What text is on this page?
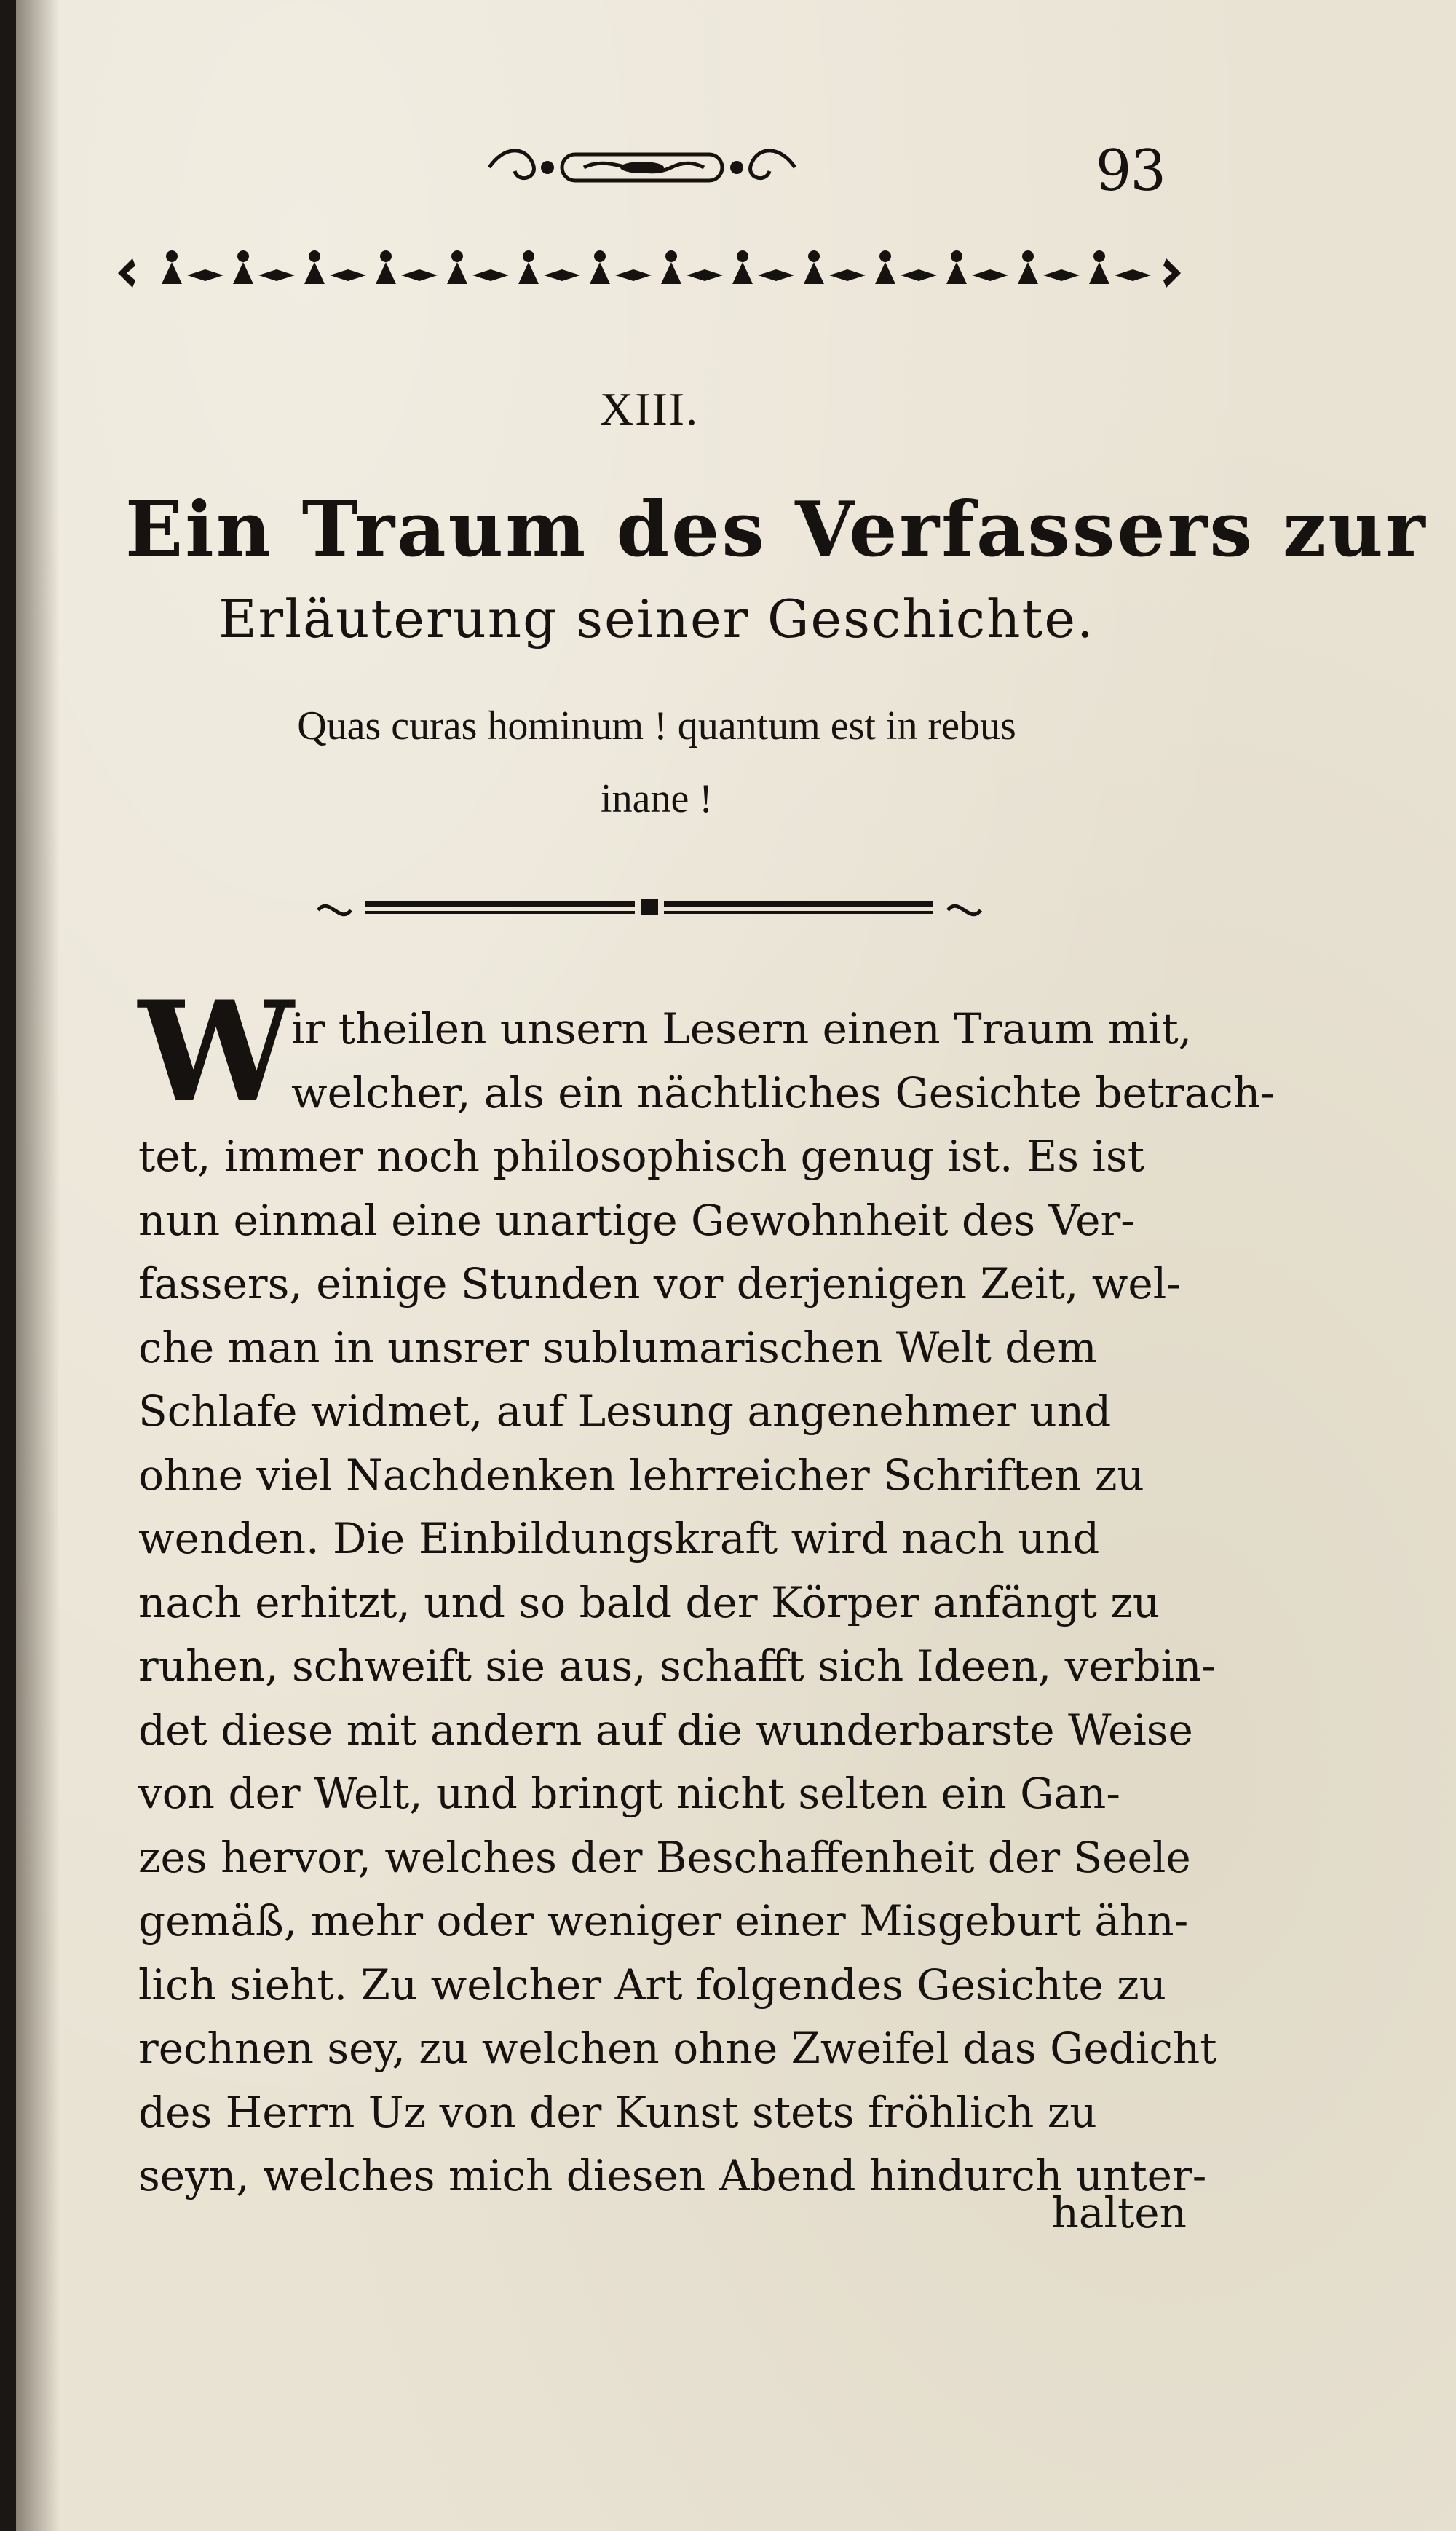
93
XIII.
Ein Traum des Verfassers zur
Erläuterung seiner Geschichte.
Quas curas hominum ! quantum est in rebus
inane !
W
ir theilen unsern Lesern einen Traum mit,
welcher, als ein nächtliches Gesichte betrach-
tet, immer noch philosophisch genug ist. Es ist
nun einmal eine unartige Gewohnheit des Ver-
fassers, einige Stunden vor derjenigen Zeit, wel-
che man in unsrer sublumarischen Welt dem
Schlafe widmet, auf Lesung angenehmer und
ohne viel Nachdenken lehrreicher Schriften zu
wenden. Die Einbildungskraft wird nach und
nach erhitzt, und so bald der Körper anfängt zu
ruhen, schweift sie aus, schafft sich Ideen, verbin-
det diese mit andern auf die wunderbarste Weise
von der Welt, und bringt nicht selten ein Gan-
zes hervor, welches der Beschaffenheit der Seele
gemäß, mehr oder weniger einer Misgeburt ähn-
lich sieht. Zu welcher Art folgendes Gesichte zu
rechnen sey, zu welchen ohne Zweifel das Gedicht
des Herrn Uz von der Kunst stets fröhlich zu
seyn, welches mich diesen Abend hindurch unter-
halten
